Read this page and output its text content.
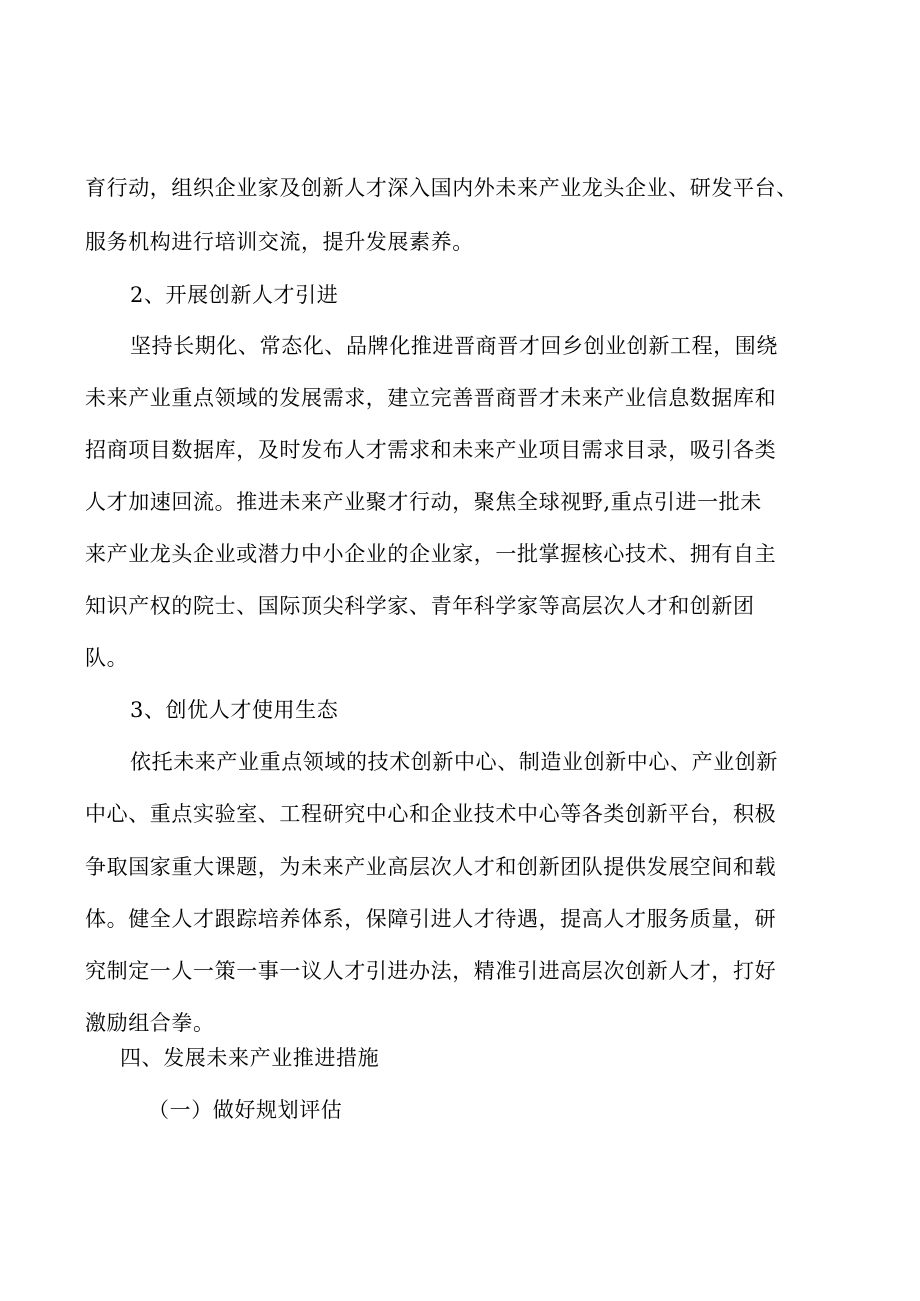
育行动，组织企业家及创新人才深入国内外未来产业龙头企业、研发平台、
服务机构进行培训交流，提升发展素养。
2、开展创新人才引进
坚持长期化、常态化、品牌化推进晋商晋才回乡创业创新工程，围绕
未来产业重点领域的发展需求，建立完善晋商晋才未来产业信息数据库和
招商项目数据库，及时发布人才需求和未来产业项目需求目录，吸引各类
人才加速回流。推进未来产业聚才行动，聚焦全球视野,重点引进一批未
来产业龙头企业或潜力中小企业的企业家，一批掌握核心技术、拥有自主
知识产权的院士、国际顶尖科学家、青年科学家等高层次人才和创新团
队。
3、创优人才使用生态
依托未来产业重点领域的技术创新中心、制造业创新中心、产业创新
中心、重点实验室、工程研究中心和企业技术中心等各类创新平台，积极
争取国家重大课题，为未来产业高层次人才和创新团队提供发展空间和载
体。健全人才跟踪培养体系，保障引进人才待遇，提高人才服务质量，研
究制定一人一策一事一议人才引进办法，精准引进高层次创新人才，打好
激励组合拳。
四、发展未来产业推进措施
（一）做好规划评估
